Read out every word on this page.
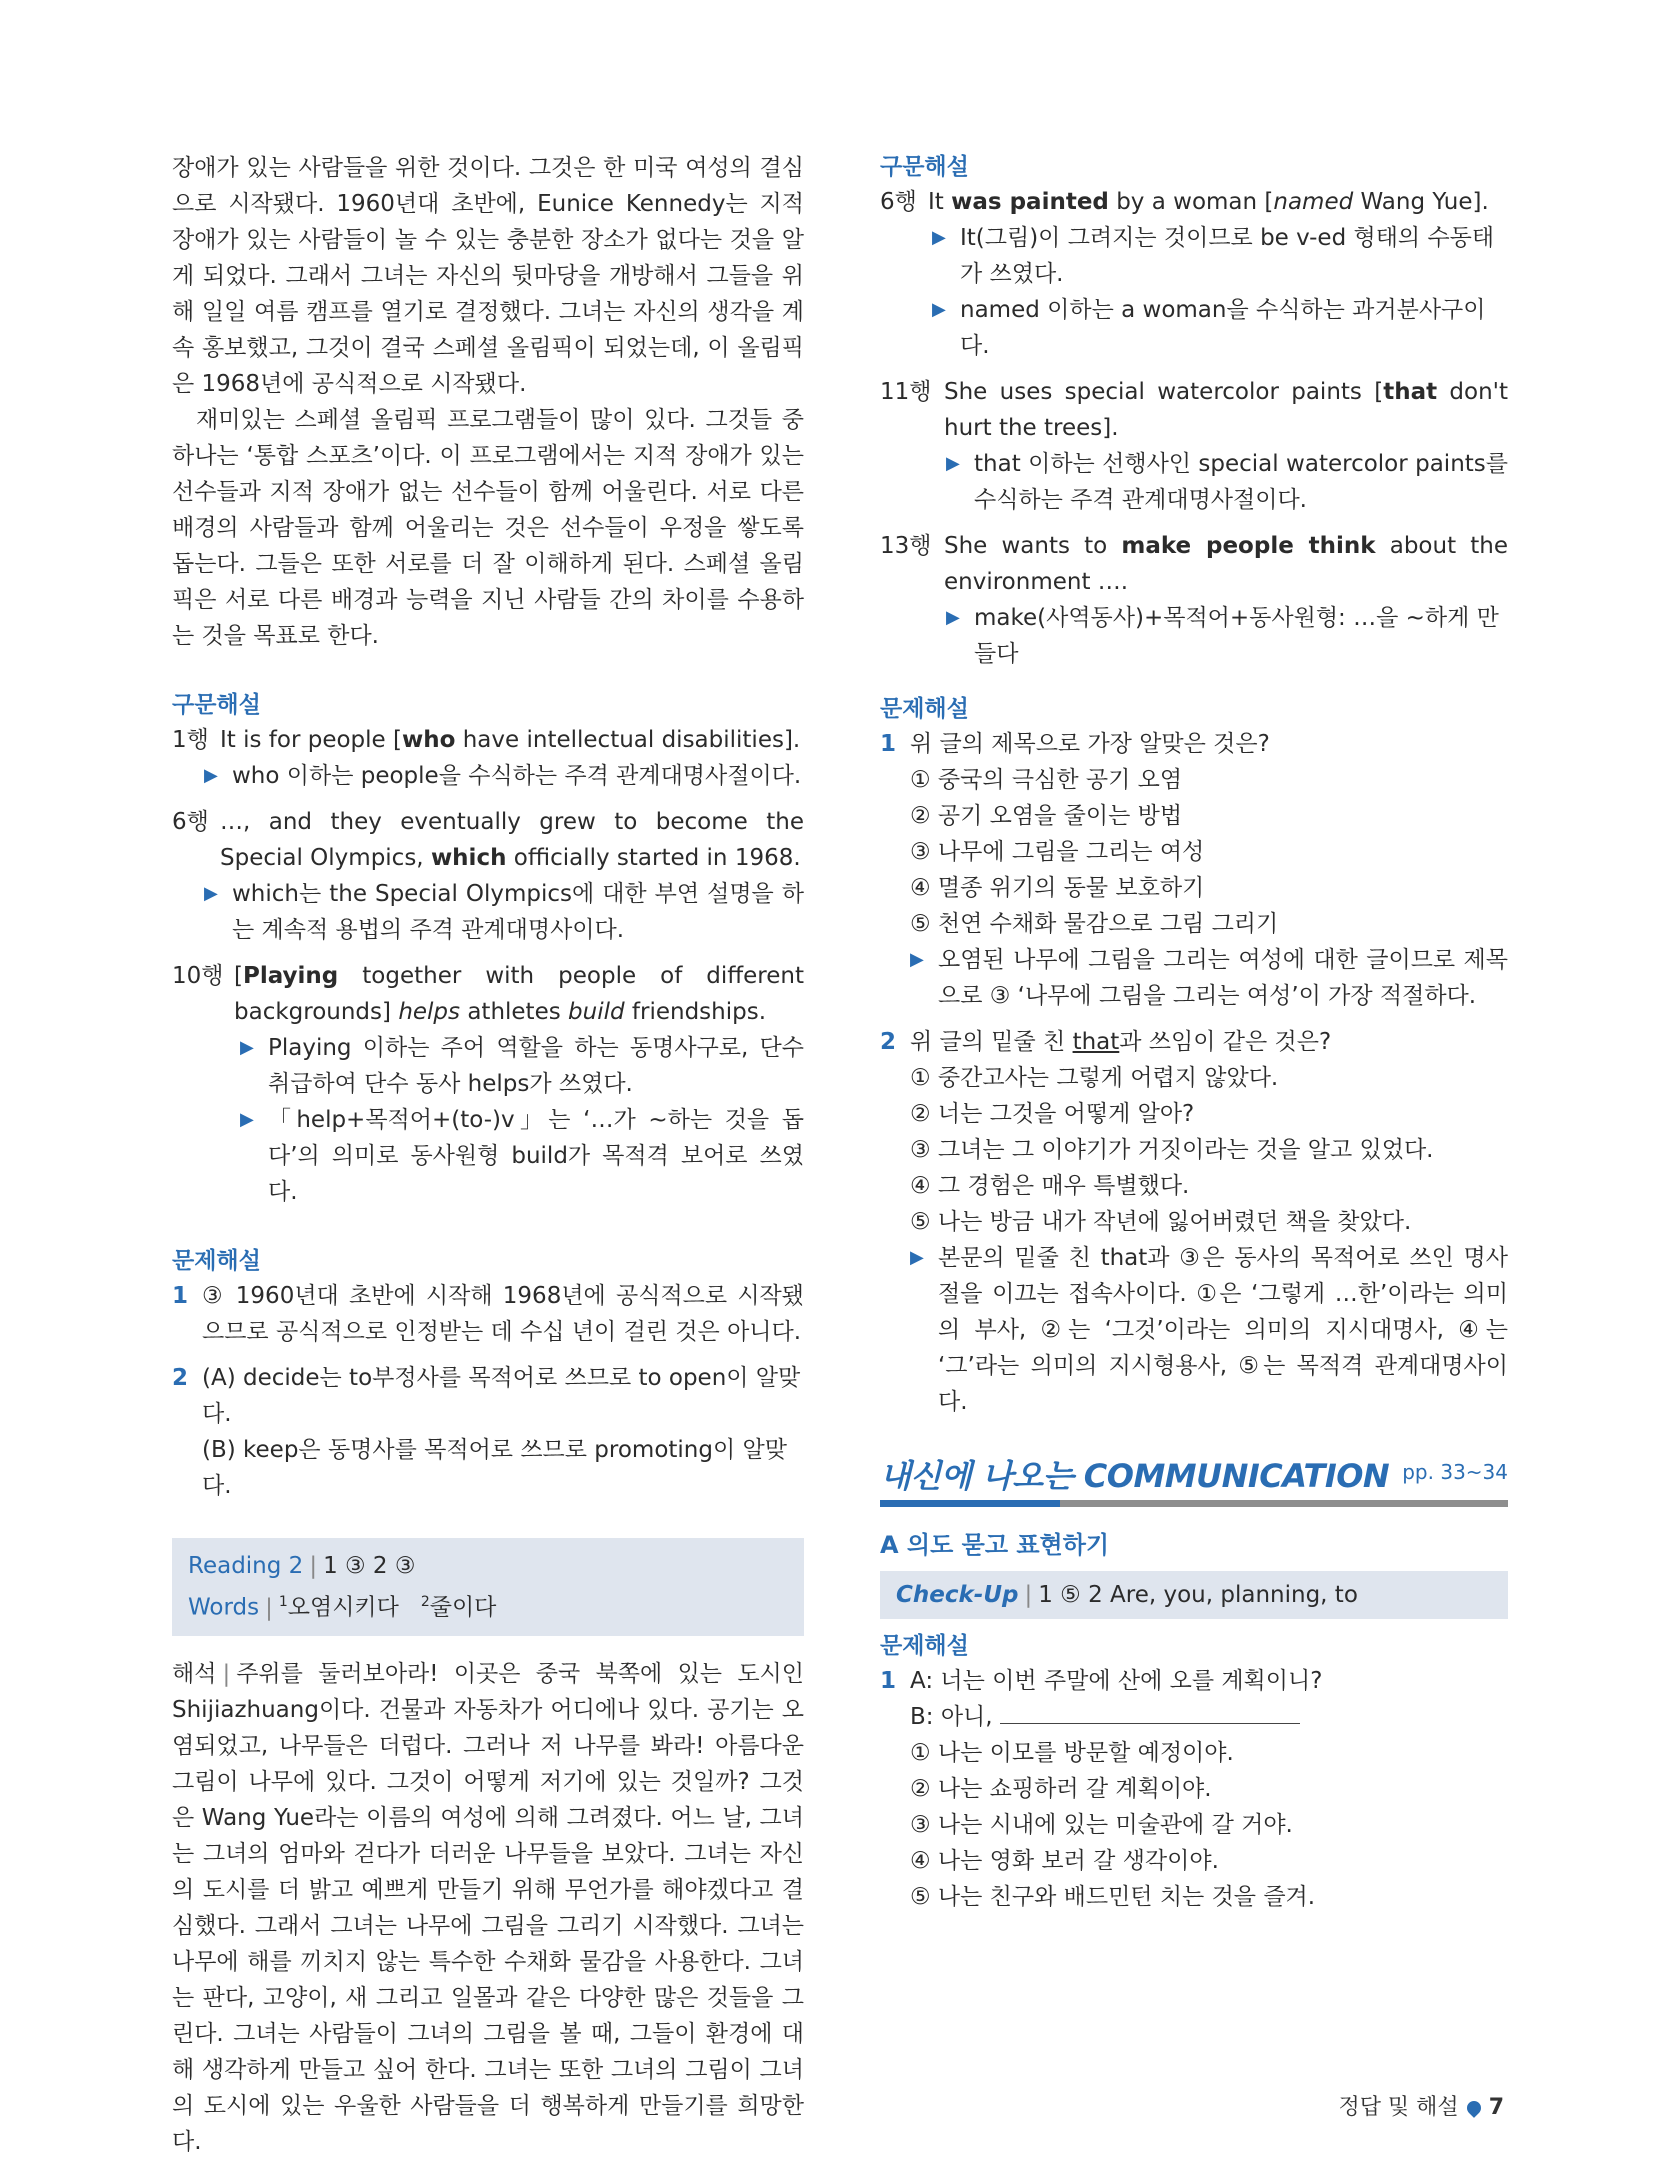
장애가 있는 사람들을 위한 것이다. 그것은 한 미국 여성의 결심으로 시작됐다. 1960년대 초반에, Eunice Kennedy는 지적 장애가 있는 사람들이 놀 수 있는 충분한 장소가 없다는 것을 알게 되었다. 그래서 그녀는 자신의 뒷마당을 개방해서 그들을 위해 일일 여름 캠프를 열기로 결정했다. 그녀는 자신의 생각을 계속 홍보했고, 그것이 결국 스페셜 올림픽이 되었는데, 이 올림픽은 1968년에 공식적으로 시작됐다.

재미있는 스페셜 올림픽 프로그램들이 많이 있다. 그것들 중 하나는 ‘통합 스포츠’이다. 이 프로그램에서는 지적 장애가 있는 선수들과 지적 장애가 없는 선수들이 함께 어울린다. 서로 다른 배경의 사람들과 함께 어울리는 것은 선수들이 우정을 쌓도록 돕는다. 그들은 또한 서로를 더 잘 이해하게 된다. 스페셜 올림픽은 서로 다른 배경과 능력을 지닌 사람들 간의 차이를 수용하는 것을 목표로 한다.

구문해설
1행 It is for people [who have intellectual disabilities].
▶ who 이하는 people을 수식하는 주격 관계대명사절이다.
6행 …, and they eventually grew to become the Special Olympics, which officially started in 1968.
▶ which는 the Special Olympics에 대한 부연 설명을 하는 계속적 용법의 주격 관계대명사이다.
10행 [Playing together with people of different backgrounds] helps athletes build friendships.
▶ Playing 이하는 주어 역할을 하는 동명사구로, 단수 취급하여 단수 동사 helps가 쓰였다.
▶ 「help+목적어+(to-)v」는 ‘…가 ~하는 것을 돕다’의 의미로 동사원형 build가 목적격 보어로 쓰였다.
문제해설
1 ③ 1960년대 초반에 시작해 1968년에 공식적으로 시작됐으므로 공식적으로 인정받는 데 수십 년이 걸린 것은 아니다.
2 (A) decide는 to부정사를 목적어로 쓰므로 to open이 알맞다.
(B) keep은 동명사를 목적어로 쓰므로 promoting이 알맞다.
Reading 2 | 1 ③ 2 ③
Words | $^1$오염시키다 $^2$줄이다

해석 | 주위를 둘러보아라! 이곳은 중국 북쪽에 있는 도시인 Shijiazhuang이다. 건물과 자동차가 어디에나 있다. 공기는 오염되었고, 나무들은 더럽다. 그러나 저 나무를 봐라! 아름다운 그림이 나무에 있다. 그것이 어떻게 저기에 있는 것일까? 그것은 Wang Yue라는 이름의 여성에 의해 그려졌다. 어느 날, 그녀는 그녀의 엄마와 걷다가 더러운 나무들을 보았다. 그녀는 자신의 도시를 더 밝고 예쁘게 만들기 위해 무언가를 해야겠다고 결심했다. 그래서 그녀는 나무에 그림을 그리기 시작했다. 그녀는 나무에 해를 끼치지 않는 특수한 수채화 물감을 사용한다. 그녀는 판다, 고양이, 새 그리고 일몰과 같은 다양한 많은 것들을 그린다. 그녀는 사람들이 그녀의 그림을 볼 때, 그들이 환경에 대해 생각하게 만들고 싶어 한다. 그녀는 또한 그녀의 그림이 그녀의 도시에 있는 우울한 사람들을 더 행복하게 만들기를 희망한다.

구문해설
6행 It was painted by a woman [named Wang Yue].
▶ It(그림)이 그려지는 것이므로 be v-ed 형태의 수동태가 쓰였다.
▶ named 이하는 a woman을 수식하는 과거분사구이다.
11행 She uses special watercolor paints [that don't hurt the trees].
▶ that 이하는 선행사인 special watercolor paints를 수식하는 주격 관계대명사절이다.
13행 She wants to make people think about the environment ….
▶ make(사역동사)+목적어+동사원형: …을 ~하게 만들다
문제해설
1 위 글의 제목으로 가장 알맞은 것은?
① 중국의 극심한 공기 오염
② 공기 오염을 줄이는 방법
③ 나무에 그림을 그리는 여성
④ 멸종 위기의 동물 보호하기
⑤ 천연 수채화 물감으로 그림 그리기
▶ 오염된 나무에 그림을 그리는 여성에 대한 글이므로 제목으로 ③ ‘나무에 그림을 그리는 여성’이 가장 적절하다.
2 위 글의 밑줄 친 that과 쓰임이 같은 것은?
① 중간고사는 그렇게 어렵지 않았다.
② 너는 그것을 어떻게 알아?
③ 그녀는 그 이야기가 거짓이라는 것을 알고 있었다.
④ 그 경험은 매우 특별했다.
⑤ 나는 방금 내가 작년에 잃어버렸던 책을 찾았다.
▶ 본문의 밑줄 친 that과 ③은 동사의 목적어로 쓰인 명사절을 이끄는 접속사이다. ①은 ‘그렇게 …한’이라는 의미의 부사, ②는 ‘그것’이라는 의미의 지시대명사, ④는 ‘그’라는 의미의 지시형용사, ⑤는 목적격 관계대명사이다.
내신에 나오는 COMMUNICATION pp. 33~34
A 의도 묻고 표현하기
Check-Up | 1 ⑤ 2 Are, you, planning, to
문제해설
1 A: 너는 이번 주말에 산에 오를 계획이니?
B: 아니,
① 나는 이모를 방문할 예정이야.
② 나는 쇼핑하러 갈 계획이야.
③ 나는 시내에 있는 미술관에 갈 거야.
④ 나는 영화 보러 갈 생각이야.
⑤ 나는 친구와 배드민턴 치는 것을 즐겨.
정답 및 해설 7
